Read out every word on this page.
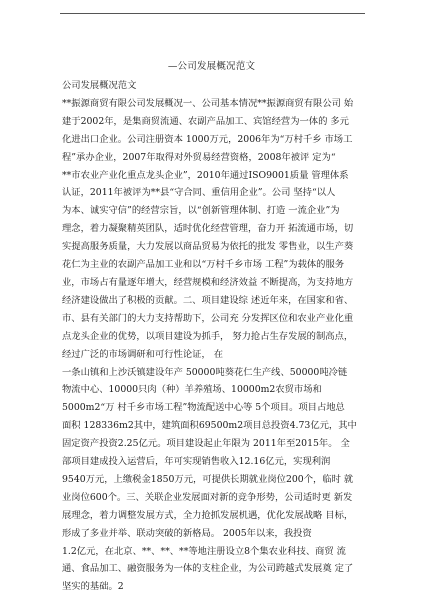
—公司发展概况范文
公司发展概况范文
**振源商贸有限公司发展概况一、公司基本情况**振源商贸有限公司 始
建于2002年，是集商贸流通、农副产品加工、宾馆经营为一体的 多元
化进出口企业。公司注册资本 1000万元，2006年为“万村千乡 市场工
程”承办企业，2007年取得对外贸易经营资格，2008年被评 定为“
**市农业产业化重点龙头企业”，2010年通过ISO9001质量 管理体系
认证，2011年被评为**县“守合同、重信用企业”。公司 坚持“以人
为本、诚实守信”的经营宗旨，以“创新管理体制、打造 一流企业”为
理念，着力凝聚精英团队，适时优化经营管理，奋力开 拓流通市场，切
实提高服务质量，大力发展以商品贸易为依托的批发 零售业，以生产葵
花仁为主业的农副产品加工业和以“万村千乡市场 工程”为载体的服务
业，市场占有量逐年增大，经营规模和经济效益 不断提高，为支持地方
经济建设做出了积极的贡献。二、项目建设综 述近年来，在国家和省、
市、县有关部门的大力支持帮助下，公司充 分发挥区位和农业产业化重
点龙头企业的优势，以项目建设为抓手， 努力抢占生存发展的制高点，
经过广泛的市场调研和可行性论证， 在
一条山镇和上沙沃镇建设年产 50000吨葵花仁生产线、50000吨冷链
物流中心、10000只肉（种）羊养殖场、10000m2农贸市场和
5000m2“万 村千乡市场工程”物流配送中心等 5个项目。项目占地总
面积 128336m2其中，建筑面积69500m2项目总投资4.73亿元，其中
固定资产投资2.25亿元。项目建设起止年限为 2011年至2015年。 全
部项目建成投入运营后，年可实现销售收入12.16亿元，实现利润
9540万元，上缴税金1850万元，可提供长期就业岗位200个，临时 就
业岗位600个。三、关联企业发展面对新的竞争形势，公司适时更 新发
展理念，着力调整发展方式，全力抢抓发展机遇，优化发展战略 目标，
形成了多业并举、联动突破的新格局。 2005年以来，我投资
1.2亿元，在北京、**、**、**等地注册设立8个集农业科技、商贸 流
通、食品加工、融资服务为一体的支柱企业，为公司跨越式发展奠 定了
坚实的基础。2
